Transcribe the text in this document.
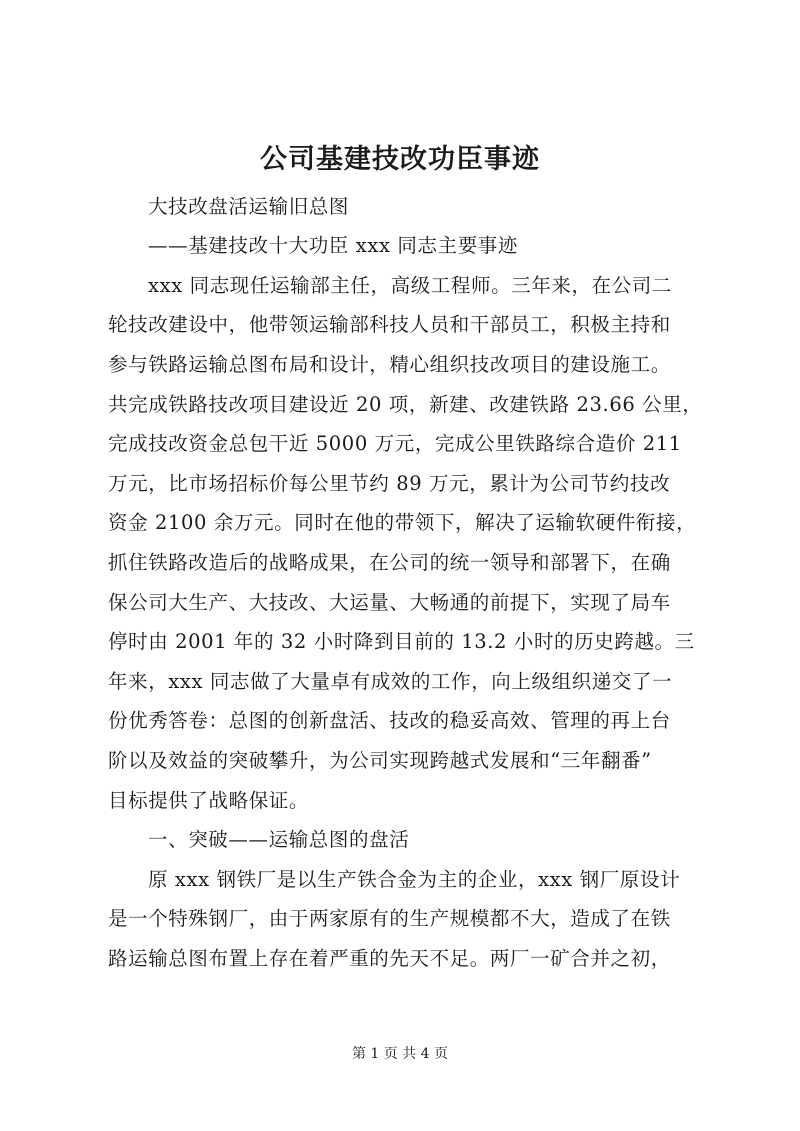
公司基建技改功臣事迹
大技改盘活运输旧总图
——基建技改十大功臣 xxx 同志主要事迹
xxx 同志现任运输部主任，高级工程师。三年来，在公司二
轮技改建设中，他带领运输部科技人员和干部员工，积极主持和
参与铁路运输总图布局和设计，精心组织技改项目的建设施工。
共完成铁路技改项目建设近 20 项，新建、改建铁路 23.66 公里，
完成技改资金总包干近 5000 万元，完成公里铁路综合造价 211
万元，比市场招标价每公里节约 89 万元，累计为公司节约技改
资金 2100 余万元。同时在他的带领下，解决了运输软硬件衔接，
抓住铁路改造后的战略成果，在公司的统一领导和部署下，在确
保公司大生产、大技改、大运量、大畅通的前提下，实现了局车
停时由 2001 年的 32 小时降到目前的 13.2 小时的历史跨越。三
年来，xxx 同志做了大量卓有成效的工作，向上级组织递交了一
份优秀答卷：总图的创新盘活、技改的稳妥高效、管理的再上台
阶以及效益的突破攀升，为公司实现跨越式发展和“三年翻番”
目标提供了战略保证。
一、突破——运输总图的盘活
原 xxx 钢铁厂是以生产铁合金为主的企业，xxx 钢厂原设计
是一个特殊钢厂，由于两家原有的生产规模都不大，造成了在铁
路运输总图布置上存在着严重的先天不足。两厂一矿合并之初，
第 1 页 共 4 页
